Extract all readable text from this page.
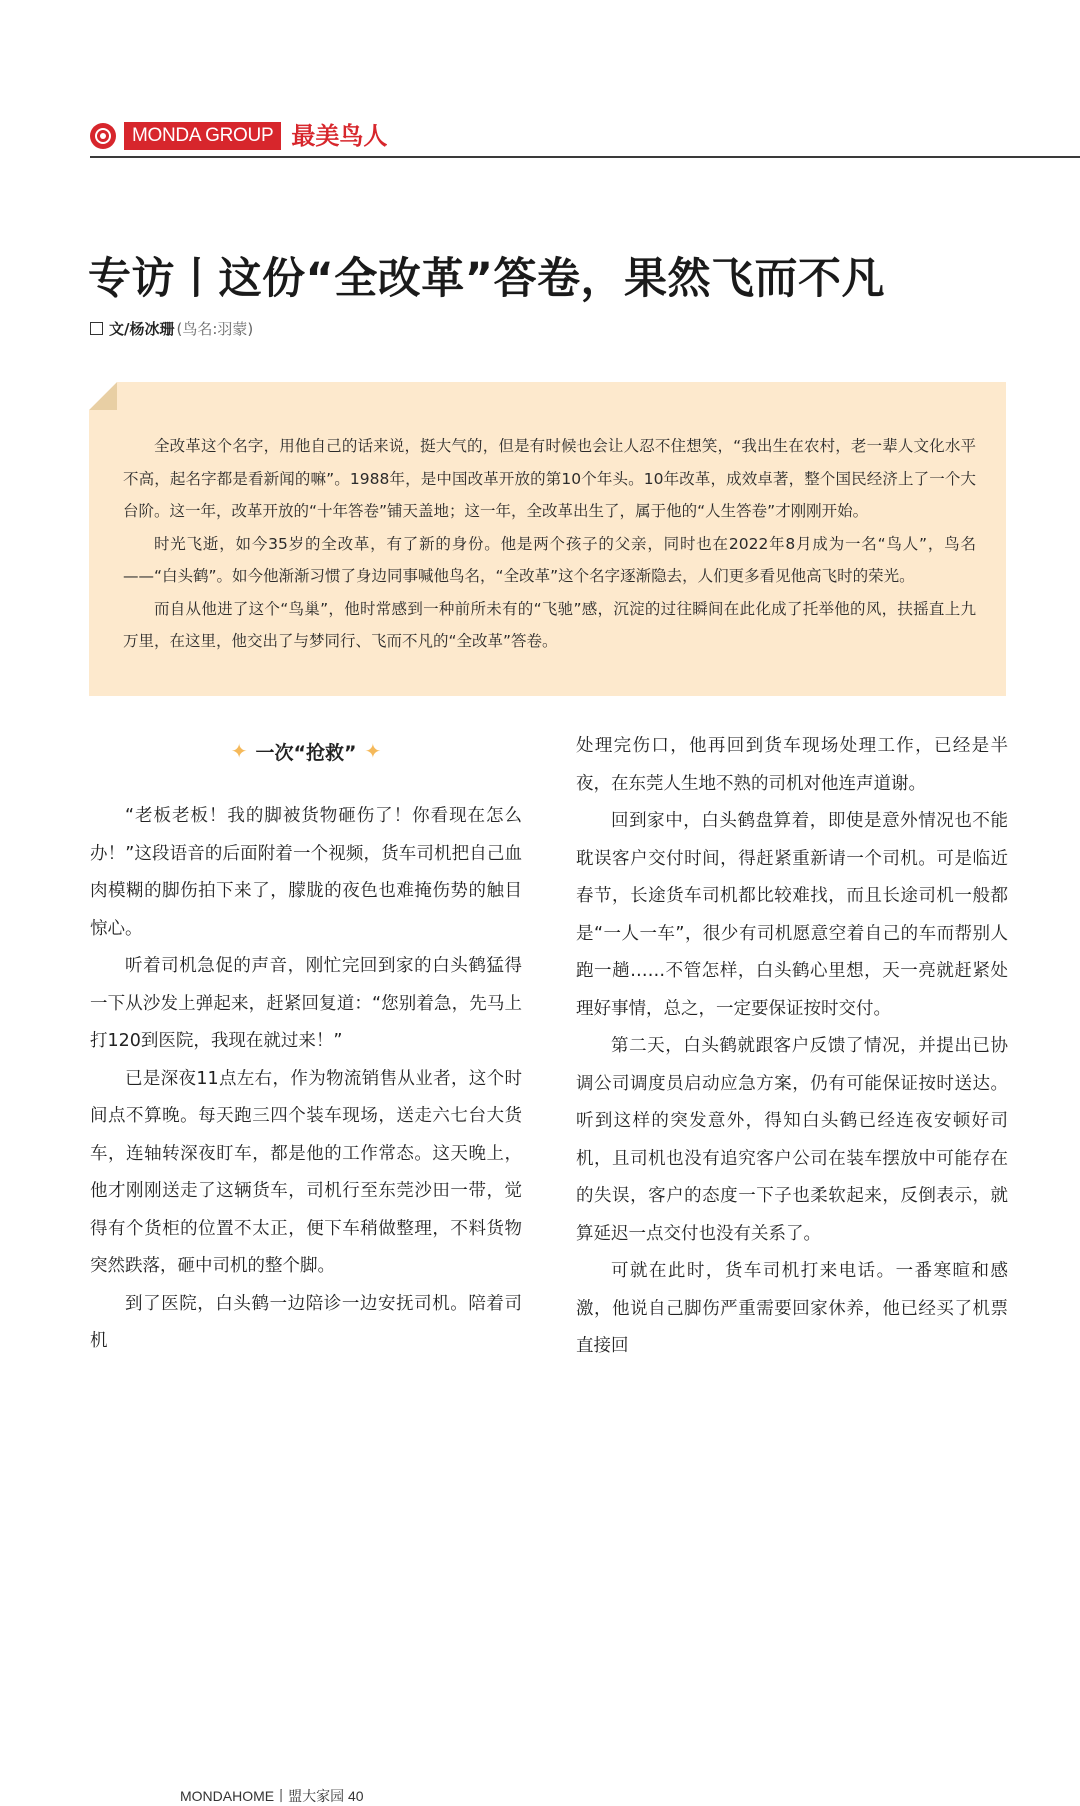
MONDA GROUP 最美鸟人
专访丨这份“全改革”答卷，果然飞而不凡
文/杨冰珊 (鸟名:羽蒙)

全改革这个名字，用他自己的话来说，挺大气的，但是有时候也会让人忍不住想笑，“我出生在农村，老一辈人文化水平不高，起名字都是看新闻的嘛”。1988年，是中国改革开放的第10个年头。10年改革，成效卓著，整个国民经济上了一个大台阶。这一年，改革开放的“十年答卷”铺天盖地；这一年，全改革出生了，属于他的“人生答卷”才刚刚开始。

时光飞逝，如今35岁的全改革，有了新的身份。他是两个孩子的父亲，同时也在2022年8月成为一名“鸟人”，鸟名——“白头鹤”。如今他渐渐习惯了身边同事喊他鸟名，“全改革”这个名字逐渐隐去，人们更多看见他高飞时的荣光。

而自从他进了这个“鸟巢”，他时常感到一种前所未有的“飞驰”感，沉淀的过往瞬间在此化成了托举他的风，扶摇直上九万里，在这里，他交出了与梦同行、飞而不凡的“全改革”答卷。

✦ 一次“抢救” ✦

“老板老板！我的脚被货物砸伤了！你看现在怎么办！”这段语音的后面附着一个视频，货车司机把自己血肉模糊的脚伤拍下来了，朦胧的夜色也难掩伤势的触目惊心。

听着司机急促的声音，刚忙完回到家的白头鹤猛得一下从沙发上弹起来，赶紧回复道：“您别着急，先马上打120到医院，我现在就过来！”

已是深夜11点左右，作为物流销售从业者，这个时间点不算晚。每天跑三四个装车现场，送走六七台大货车，连轴转深夜盯车，都是他的工作常态。这天晚上，他才刚刚送走了这辆货车，司机行至东莞沙田一带，觉得有个货柜的位置不太正，便下车稍做整理，不料货物突然跌落，砸中司机的整个脚。

到了医院，白头鹤一边陪诊一边安抚司机。陪着司机

MONDAHOME丨盟大家园 40

处理完伤口，他再回到货车现场处理工作，已经是半夜，在东莞人生地不熟的司机对他连声道谢。

回到家中，白头鹤盘算着，即使是意外情况也不能耽误客户交付时间，得赶紧重新请一个司机。可是临近春节，长途货车司机都比较难找，而且长途司机一般都是“一人一车”，很少有司机愿意空着自己的车而帮别人跑一趟……不管怎样，白头鹤心里想，天一亮就赶紧处理好事情，总之，一定要保证按时交付。

第二天，白头鹤就跟客户反馈了情况，并提出已协调公司调度员启动应急方案，仍有可能保证按时送达。听到这样的突发意外，得知白头鹤已经连夜安顿好司机，且司机也没有追究客户公司在装车摆放中可能存在的失误，客户的态度一下子也柔软起来，反倒表示，就算延迟一点交付也没有关系了。

可就在此时，货车司机打来电话。一番寒暄和感激，他说自己脚伤严重需要回家休养，他已经买了机票直接回
